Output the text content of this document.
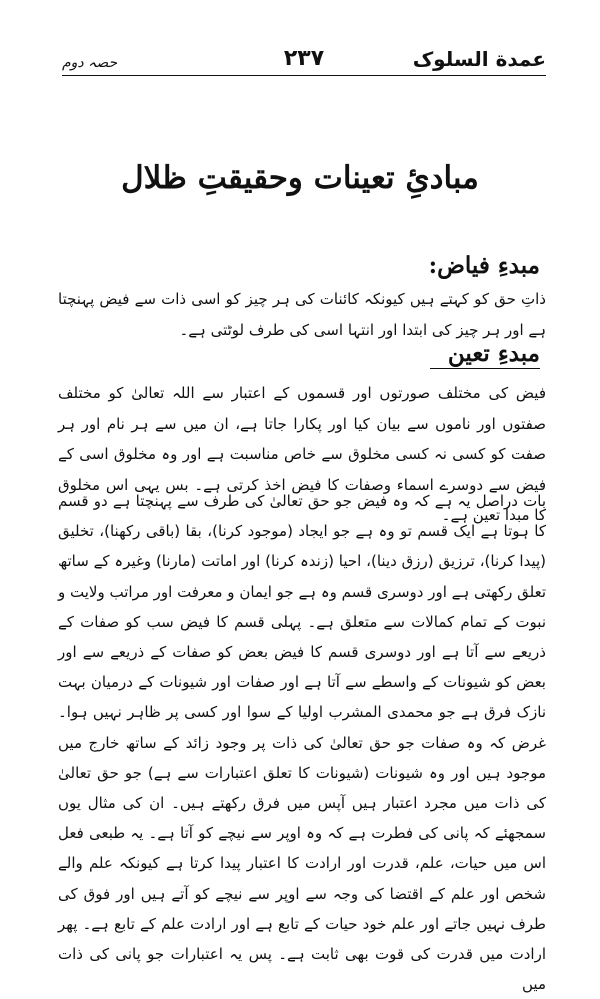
حصہ دوم	۲۳۷	عمدة السلوک
مبادئِ تعینات وحقیقتِ ظلال
مبدءِ فیاض:
ذاتِ حق کو کہتے ہیں کیونکہ کائنات کی ہر چیز کو اسی ذات سے فیض پہنچتا ہے اور ہر چیز کی ابتدا اور انتہا اسی کی طرف لوٹتی ہے۔
مبدءِ تعین
فیض کی مختلف صورتوں اور قسموں کے اعتبار سے اللہ تعالیٰ کو مختلف صفتوں اور ناموں سے بیان کیا اور پکارا جاتا ہے، ان میں سے ہر نام اور ہر صفت کو کسی نہ کسی مخلوق سے خاص مناسبت ہے اور وہ مخلوق اسی کے فیض سے دوسرے اسماء وصفات کا فیض اخذ کرتی ہے۔ بس یہی اس مخلوق کا مبدا تعین ہے۔
بات دراصل یہ ہے کہ وہ فیض جو حق تعالیٰ کی طرف سے پہنچتا ہے دو قسم کا ہوتا ہے ایک قسم تو وہ ہے جو ایجاد (موجود کرنا)، بقا (باقی رکھنا)، تخلیق (پیدا کرنا)، ترزیق (رزق دینا)، احیا (زندہ کرنا) اور اماتت (مارنا) وغیرہ کے ساتھ تعلق رکھتی ہے اور دوسری قسم وہ ہے جو ایمان و معرفت اور مراتب ولایت و نبوت کے تمام کمالات سے متعلق ہے۔ پہلی قسم کا فیض سب کو صفات کے ذریعے سے آتا ہے اور دوسری قسم کا فیض بعض کو صفات کے ذریعے سے اور بعض کو شیونات کے واسطے سے آتا ہے اور صفات اور شیونات کے درمیان بہت نازک فرق ہے جو محمدی المشرب اولیا کے سوا اور کسی پر ظاہر نہیں ہوا۔ غرض کہ وہ صفات جو حق تعالیٰ کی ذات پر وجود زائد کے ساتھ خارج میں موجود ہیں اور وہ شیونات (شیونات کا تعلق اعتبارات سے ہے) جو حق تعالیٰ کی ذات میں مجرد اعتبار ہیں آپس میں فرق رکھتے ہیں۔ ان کی مثال یوں سمجھئے کہ پانی کی فطرت ہے کہ وہ اوپر سے نیچے کو آتا ہے۔ یہ طبعی فعل اس میں حیات، علم، قدرت اور ارادت کا اعتبار پیدا کرتا ہے کیونکہ علم والے شخص اور علم کے اقتضا کی وجہ سے اوپر سے نیچے کو آتے ہیں اور فوق کی طرف نہیں جاتے اور علم خود حیات کے تابع ہے اور ارادت علم کے تابع ہے۔ پھر ارادت میں قدرت کی قوت بھی ثابت ہے۔ پس یہ اعتبارات جو پانی کی ذات میں
